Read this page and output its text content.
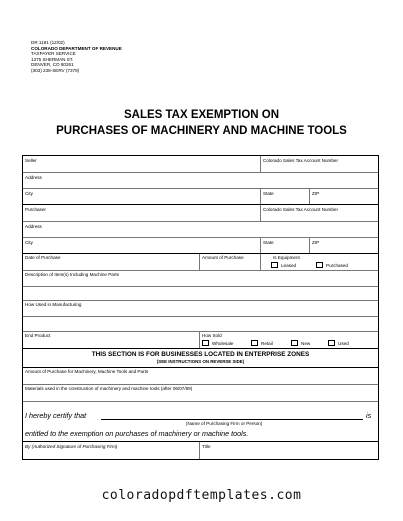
DR 1191 (12/02)
COLORADO DEPARTMENT OF REVENUE
TAXPAYER SERVICE
1375 SHERMAN ST.
DENVER, CO 80261
(303) 238-SERV (7378)
SALES TAX EXEMPTION ON
PURCHASES OF MACHINERY AND MACHINE TOOLS
Seller	Colorado Sales Tax Account Number
Address
City	State	ZIP
Purchaser	Colorado Sales Tax Account Number
Address
City	State	ZIP
Date of Purchase	Amount of Purchase	Is Equipment
Leased	Purchased
Description of Item(s) Including Machine Parts
How Used in Manufacturing
End Product	How Sold
Wholesale	Retail	New	Used
THIS SECTION IS FOR BUSINESSES LOCATED IN ENTERPRISE ZONES
(SEE INSTRUCTIONS ON REVERSE SIDE)
Amount of Purchase for Machinery, Machine Tools and Parts
Materials used in the construction of machinery and machine tools (after 06/07/89)
I hereby certify that	is
(Name of Purchasing Firm or Person)
entitled to the exemption on purchases of machinery or machine tools.
By (Authorized Signature of Purchasing Firm)	Title
coloradopdftemplates.com
